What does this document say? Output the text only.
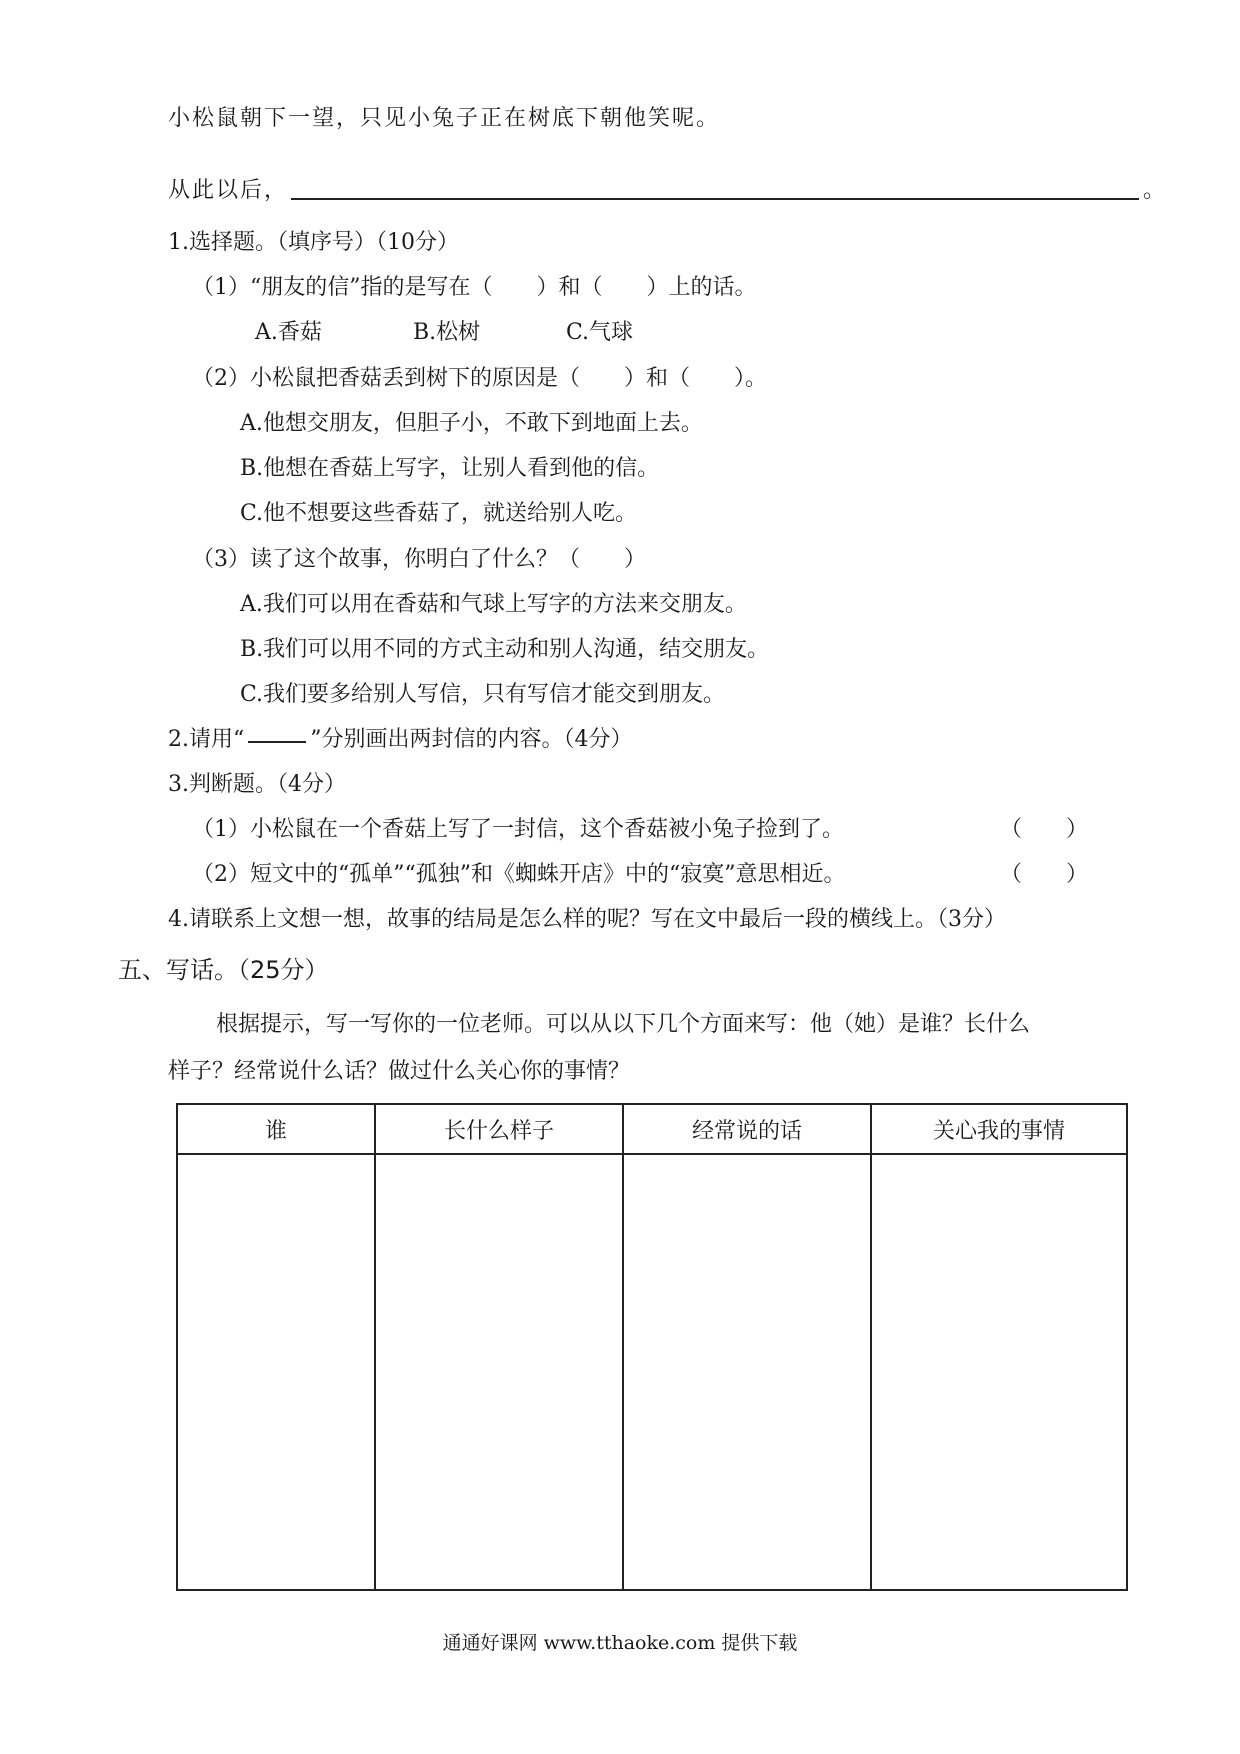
小松鼠朝下一望，只见小兔子正在树底下朝他笑呢。
从此以后，	。
1.选择题。（填序号）（10分）
（1）“朋友的信”指的是写在（　　）和（　　）上的话。
A.香菇	B.松树	C.气球
（2）小松鼠把香菇丢到树下的原因是（　　）和（　　）。
A.他想交朋友，但胆子小，不敢下到地面上去。
B.他想在香菇上写字，让别人看到他的信。
C.他不想要这些香菇了，就送给别人吃。
（3）读了这个故事，你明白了什么？（　　）
A.我们可以用在香菇和气球上写字的方法来交朋友。
B.我们可以用不同的方式主动和别人沟通，结交朋友。
C.我们要多给别人写信，只有写信才能交到朋友。
2.请用“	”分别画出两封信的内容。（4分）
3.判断题。（4分）
（1）小松鼠在一个香菇上写了一封信，这个香菇被小兔子捡到了。	（　　）
（2）短文中的“孤单”“孤独”和《蜘蛛开店》中的“寂寞”意思相近。	（　　）
4.请联系上文想一想，故事的结局是怎么样的呢？写在文中最后一段的横线上。（3分）
五、写话。（25分）
根据提示，写一写你的一位老师。可以从以下几个方面来写：他（她）是谁？长什么
样子？经常说什么话？做过什么关心你的事情？
谁	长什么样子	经常说的话	关心我的事情

通通好课网 www.tthaoke.com 提供下载
